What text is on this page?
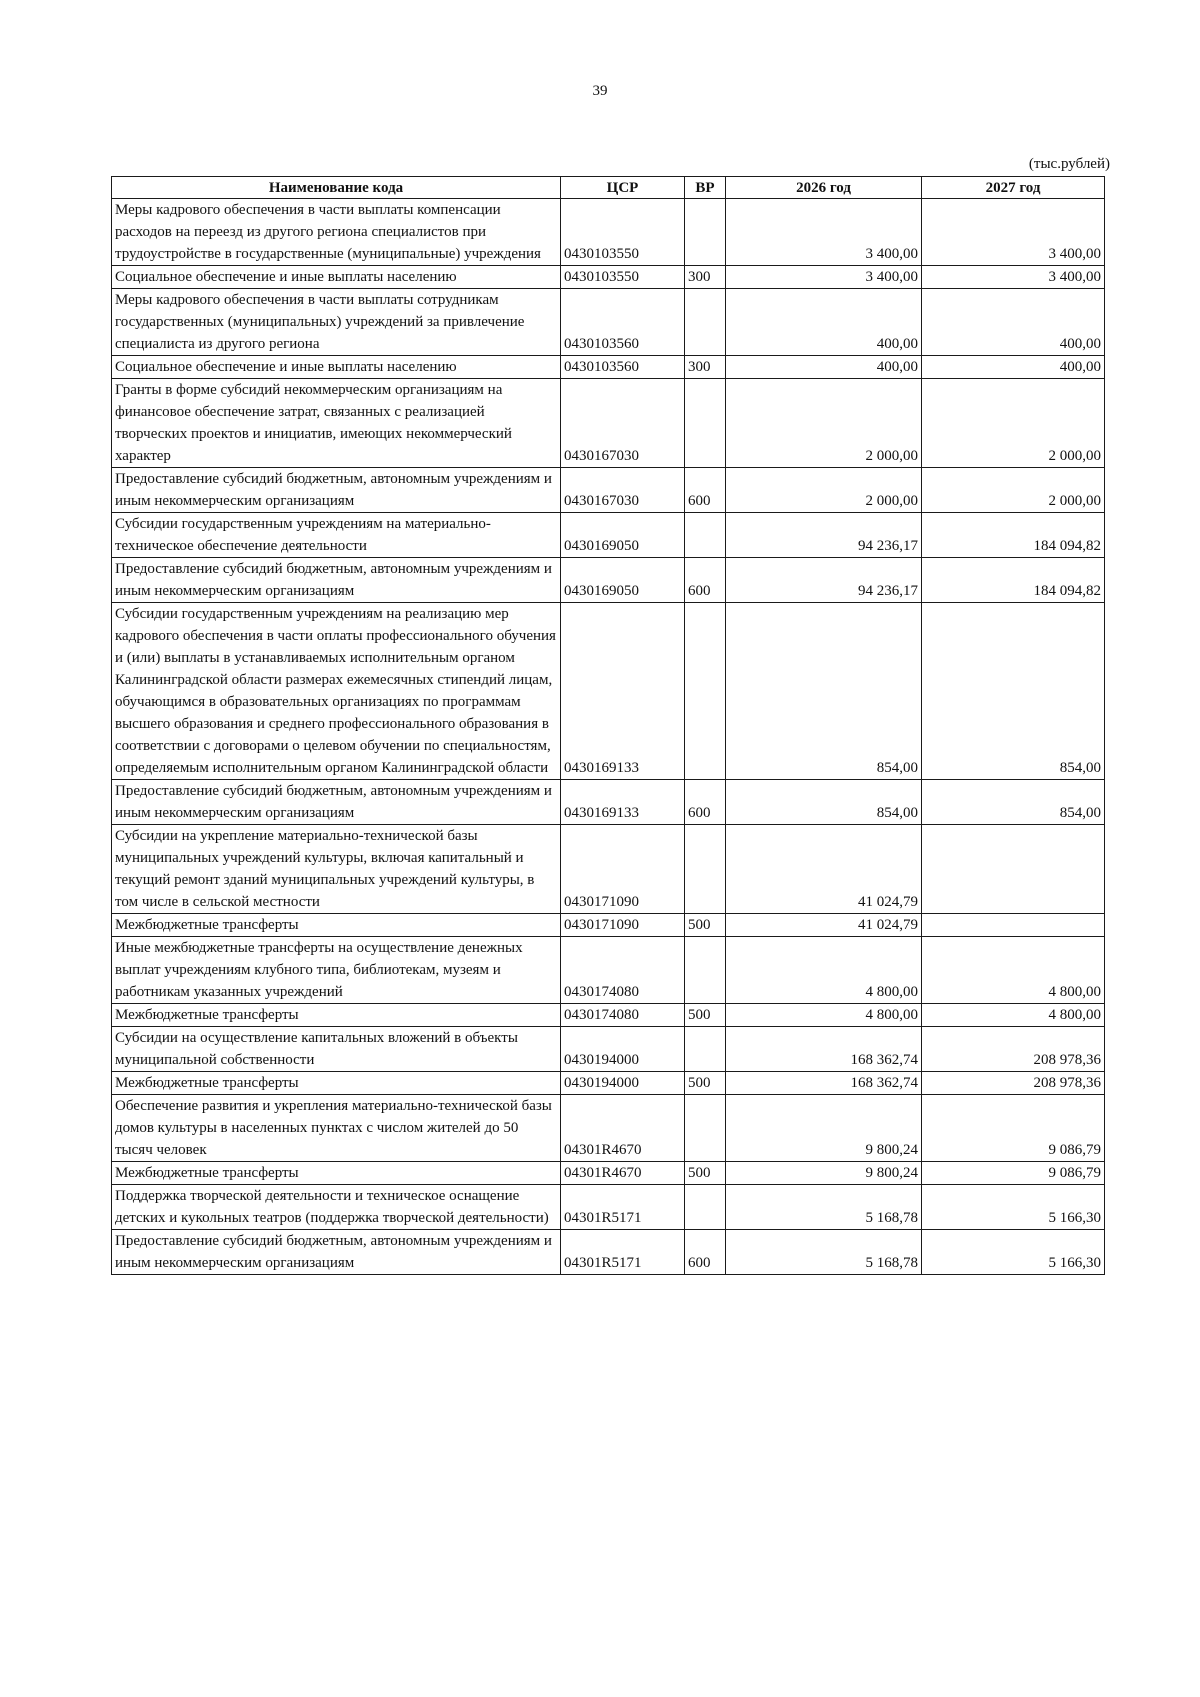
39
(тыс.рублей)
Наименование кода	ЦСР	ВР	2026 год	2027 год
Меры кадрового обеспечения в части выплаты компенсации расходов на переезд из другого региона специалистов при трудоустройстве в государственные (муниципальные) учреждения	0430103550		3 400,00	3 400,00
Социальное обеспечение и иные выплаты населению	0430103550	300	3 400,00	3 400,00
Меры кадрового обеспечения в части выплаты сотрудникам государственных (муниципальных) учреждений за привлечение специалиста из другого региона	0430103560		400,00	400,00
Социальное обеспечение и иные выплаты населению	0430103560	300	400,00	400,00
Гранты в форме субсидий некоммерческим организациям на финансовое обеспечение затрат, связанных с реализацией творческих проектов и инициатив, имеющих некоммерческий характер	0430167030		2 000,00	2 000,00
Предоставление субсидий бюджетным, автономным учреждениям и иным некоммерческим организациям	0430167030	600	2 000,00	2 000,00
Субсидии государственным учреждениям на материально-техническое обеспечение деятельности	0430169050		94 236,17	184 094,82
Предоставление субсидий бюджетным, автономным учреждениям и иным некоммерческим организациям	0430169050	600	94 236,17	184 094,82
Субсидии государственным учреждениям на реализацию мер кадрового обеспечения в части оплаты профессионального обучения и (или) выплаты в устанавливаемых исполнительным органом Калининградской области размерах ежемесячных стипендий лицам, обучающимся в образовательных организациях по программам высшего образования и среднего профессионального образования в соответствии с договорами о целевом обучении по специальностям, определяемым исполнительным органом Калининградской области	0430169133		854,00	854,00
Предоставление субсидий бюджетным, автономным учреждениям и иным некоммерческим организациям	0430169133	600	854,00	854,00
Субсидии на укрепление материально-технической базы муниципальных учреждений культуры, включая капитальный и текущий ремонт зданий муниципальных учреждений культуры, в том числе в сельской местности	0430171090		41 024,79	
Межбюджетные трансферты	0430171090	500	41 024,79	
Иные межбюджетные трансферты на осуществление денежных выплат учреждениям клубного типа, библиотекам, музеям и работникам указанных учреждений	0430174080		4 800,00	4 800,00
Межбюджетные трансферты	0430174080	500	4 800,00	4 800,00
Субсидии на осуществление капитальных вложений в объекты муниципальной собственности	0430194000		168 362,74	208 978,36
Межбюджетные трансферты	0430194000	500	168 362,74	208 978,36
Обеспечение развития и укрепления материально-технической базы домов культуры в населенных пунктах с числом жителей до 50 тысяч человек	04301R4670		9 800,24	9 086,79
Межбюджетные трансферты	04301R4670	500	9 800,24	9 086,79
Поддержка творческой деятельности и техническое оснащение детских и кукольных театров (поддержка творческой деятельности)	04301R5171		5 168,78	5 166,30
Предоставление субсидий бюджетным, автономным учреждениям и иным некоммерческим организациям	04301R5171	600	5 168,78	5 166,30
